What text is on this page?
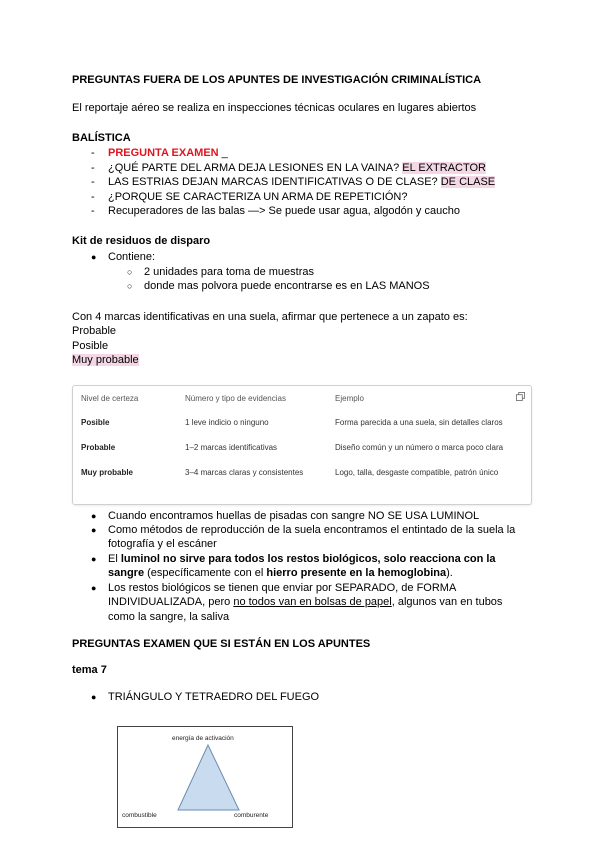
PREGUNTAS FUERA DE LOS APUNTES DE INVESTIGACIÓN CRIMINALÍSTICA
El reportaje aéreo se realiza en inspecciones técnicas oculares en lugares abiertos
BALÍSTICA
-	PREGUNTA EXAMEN _
-	¿QUÉ PARTE DEL ARMA DEJA LESIONES EN LA VAINA? EL EXTRACTOR
-	LAS ESTRIAS DEJAN MARCAS IDENTIFICATIVAS O DE CLASE? DE CLASE
-	¿PORQUE SE CARACTERIZA UN ARMA DE REPETICIÓN?
-	Recuperadores de las balas —> Se puede usar agua, algodón y caucho
Kit de residuos de disparo
● Contiene:
○ 2 unidades para toma de muestras
○ donde mas polvora puede encontrarse es en LAS MANOS
Con 4 marcas identificativas en una suela, afirmar que pertenece a un zapato es:
Probable
Posible
Muy probable
Nivel de certeza	Número y tipo de evidencias	Ejemplo
Posible	1 leve indicio o ninguno	Forma parecida a una suela, sin detalles claros
Probable	1–2 marcas identificativas	Diseño común y un número o marca poco clara
Muy probable	3–4 marcas claras y consistentes	Logo, talla, desgaste compatible, patrón único
● Cuando encontramos huellas de pisadas con sangre NO SE USA LUMINOL
● Como métodos de reproducción de la suela encontramos el entintado de la suela la
fotografía y el escáner
● El luminol no sirve para todos los restos biológicos, solo reacciona con la
sangre (específicamente con el hierro presente en la hemoglobina).
● Los restos biológicos se tienen que enviar por SEPARADO, de FORMA
INDIVIDUALIZADA, pero no todos van en bolsas de papel, algunos van en tubos
como la sangre, la saliva
PREGUNTAS EXAMEN QUE SI ESTÁN EN LOS APUNTES
tema 7
● TRIÁNGULO Y TETRAEDRO DEL FUEGO
energía de activación
combustible	comburente
